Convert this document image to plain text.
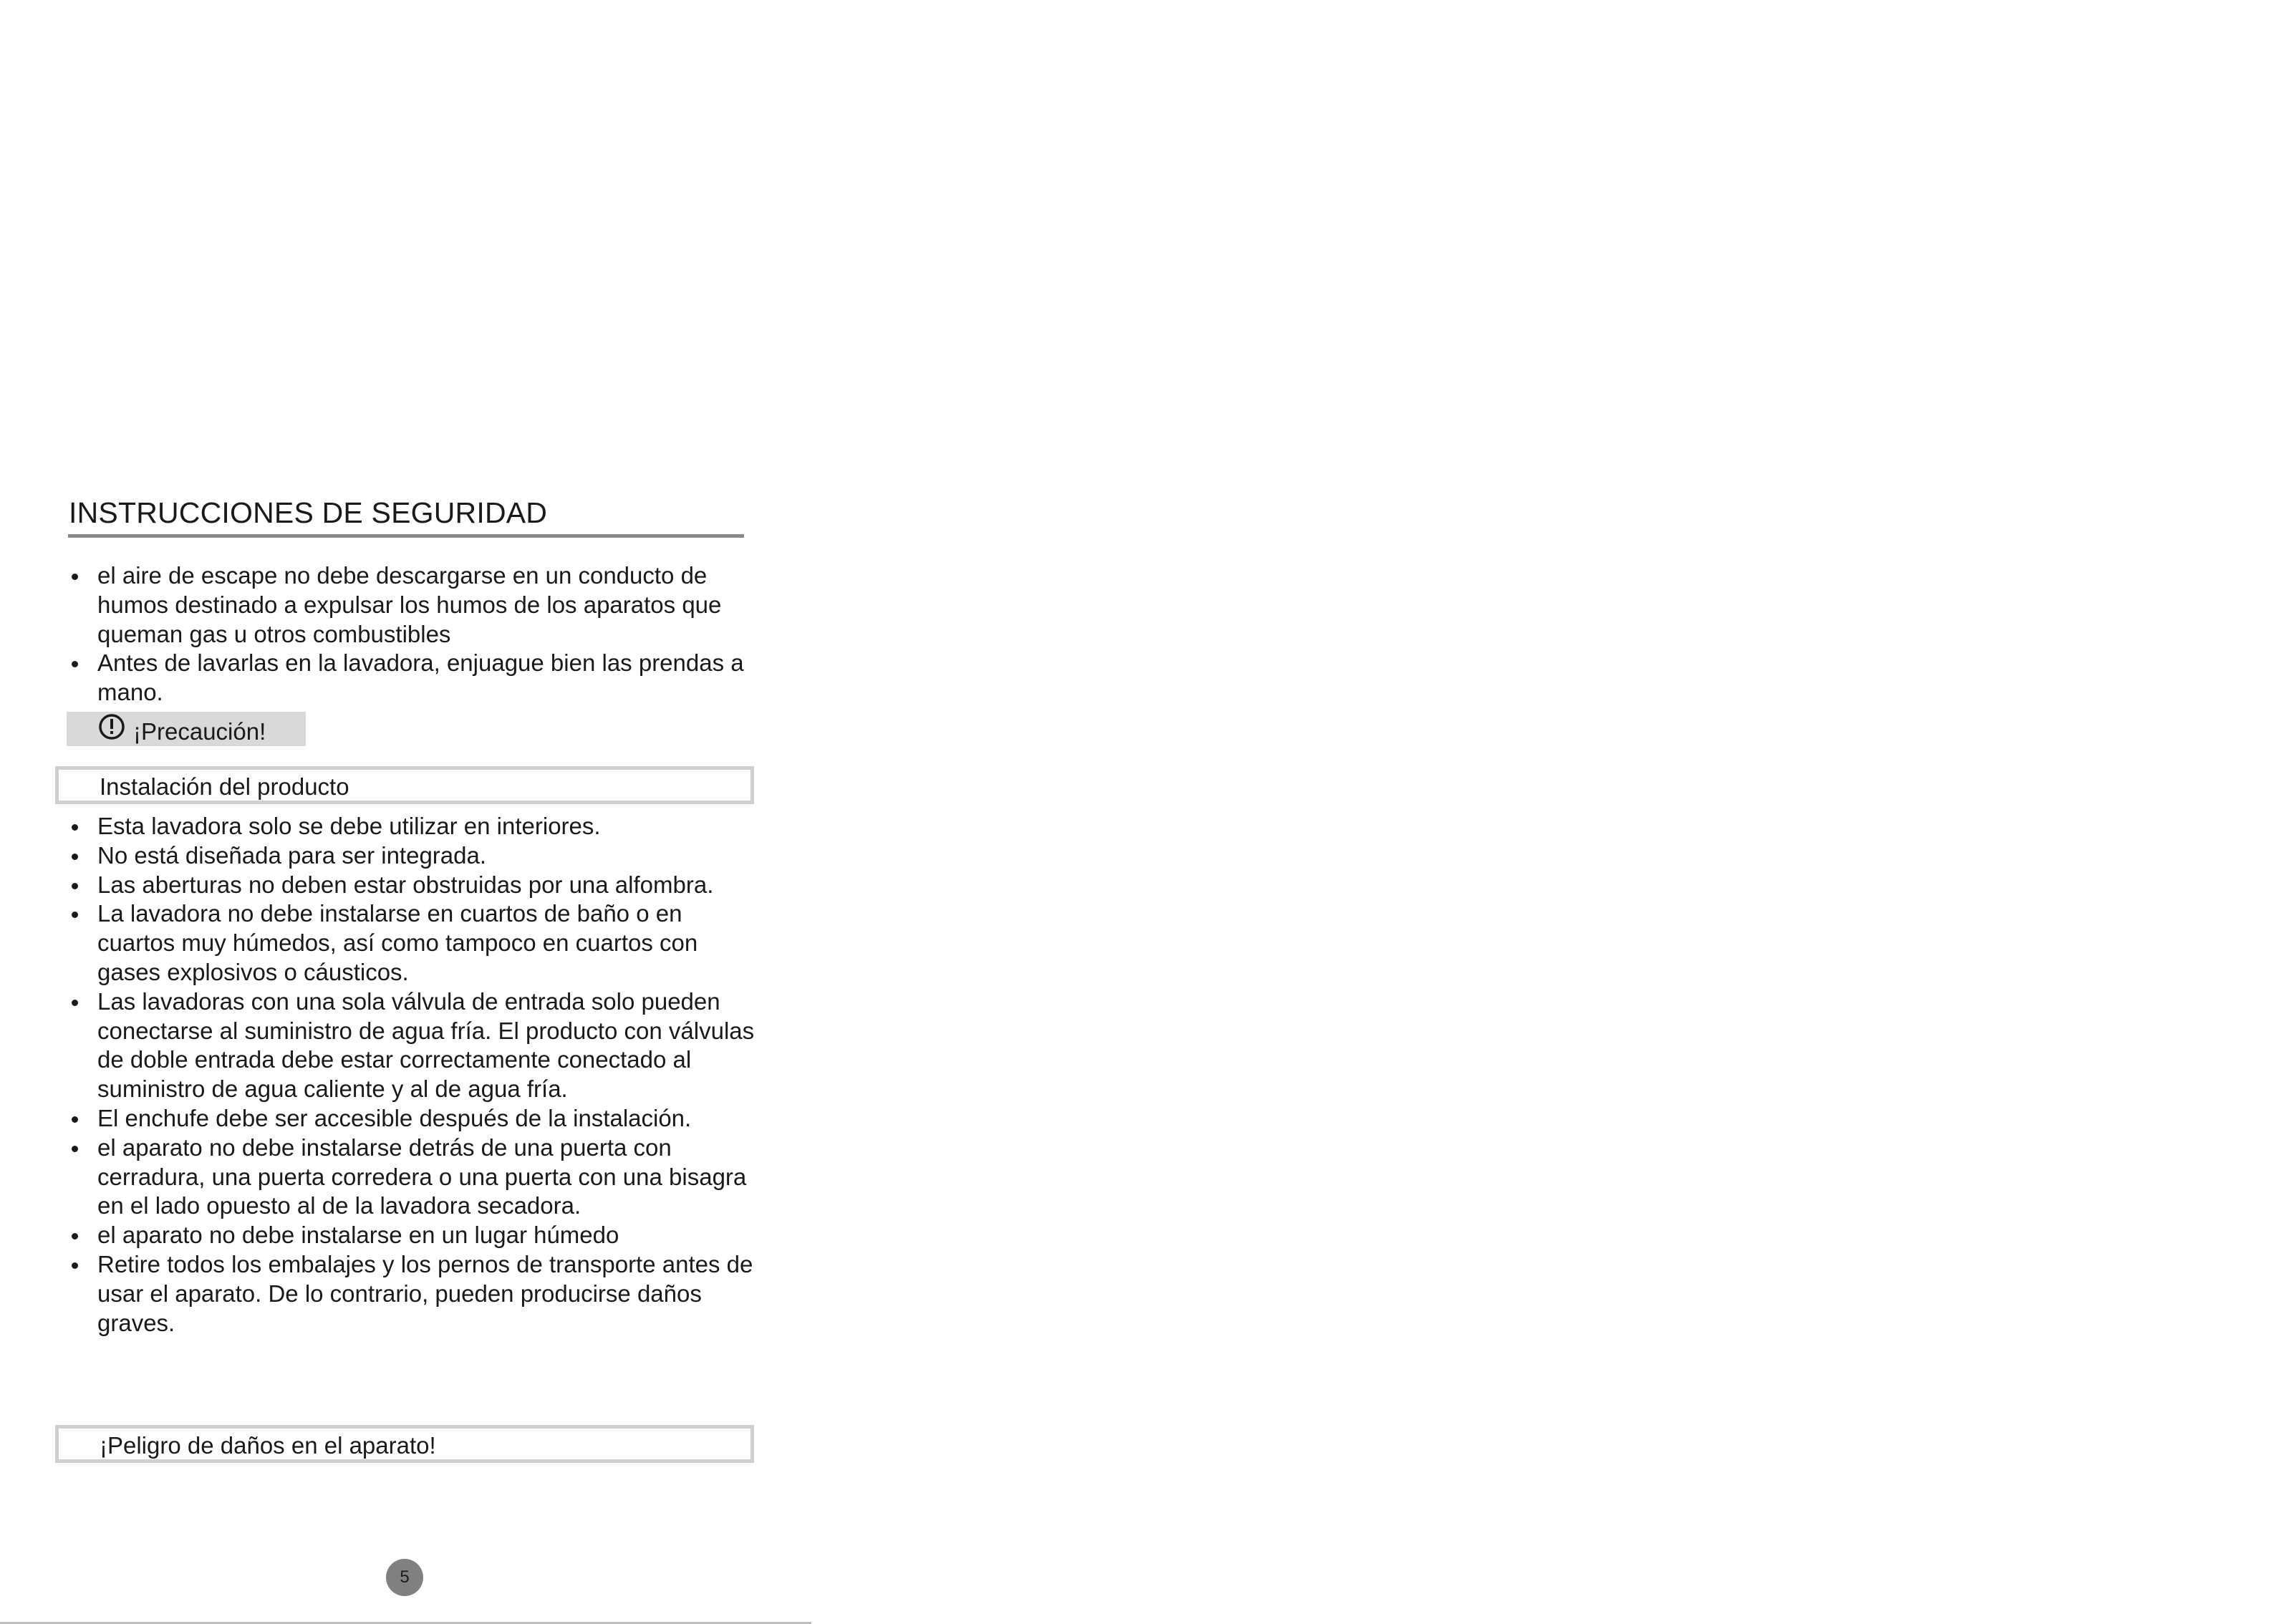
INSTRUCCIONES DE SEGURIDAD
el aire de escape no debe descargarse en un conducto de humos destinado a expulsar los humos de los aparatos que queman gas u otros combustibles
Antes de lavarlas en la lavadora, enjuague bien las prendas a mano.
¡Precaución!
Instalación del producto
Esta lavadora solo se debe utilizar en interiores.
No está diseñada para ser integrada.
Las aberturas no deben estar obstruidas por una alfombra.
La lavadora no debe instalarse en cuartos de baño o en cuartos muy húmedos, así como tampoco en cuartos con gases explosivos o cáusticos.
Las lavadoras con una sola válvula de entrada solo pueden conectarse al suministro de agua fría. El producto con válvulas de doble entrada debe estar correctamente conectado al suministro de agua caliente y al de agua fría.
El enchufe debe ser accesible después de la instalación.
el aparato no debe instalarse detrás de una puerta con cerradura, una puerta corredera o una puerta con una bisagra en el lado opuesto al de la lavadora secadora.
el aparato no debe instalarse en un lugar húmedo
Retire todos los embalajes y los pernos de transporte antes de usar el aparato. De lo contrario, pueden producirse daños graves.
¡Peligro de daños en el aparato!
5
